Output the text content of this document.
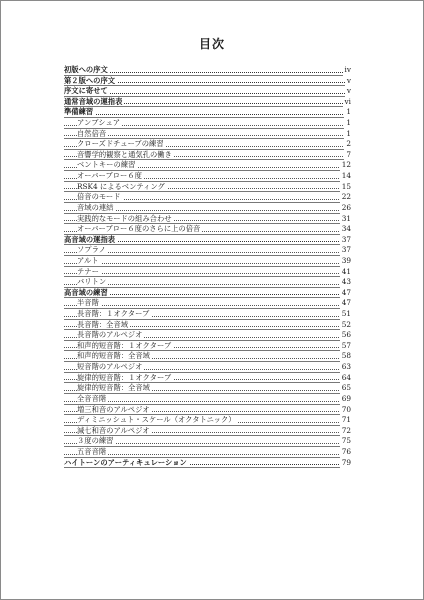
目次
初版への序文	iv
第２版への序文	v
序文に寄せて	v
通常音域の運指表	vi
準備練習	1
アンブシュア	1
自然倍音	1
クローズドチューブの練習	2
音響学的観察と通気孔の働き	7
ベントキーの練習	12
オーバーブロー６度	14
RSK4 によるベンティング	15
倍音のモード	22
音域の連結	26
実践的なモードの組み合わせ	31
オーバーブロー６度のさらに上の倍音	34
高音域の運指表	37
ソプラノ	37
アルト	39
テナー	41
バリトン	43
高音域の練習	47
半音階	47
長音階：１オクターブ	51
長音階：全音域	52
長音階のアルペジオ	56
和声的短音階：１オクターブ	57
和声的短音階：全音域	58
短音階のアルペジオ	63
旋律的短音階：１オクターブ	64
旋律的短音階：全音域	65
全音音階	69
増三和音のアルペジオ	70
ディミニッシュト・スケール（オクタトニック）	71
減七和音のアルペジオ	72
３度の練習	75
五音音階	76
ハイトーンのアーティキュレーション	79
